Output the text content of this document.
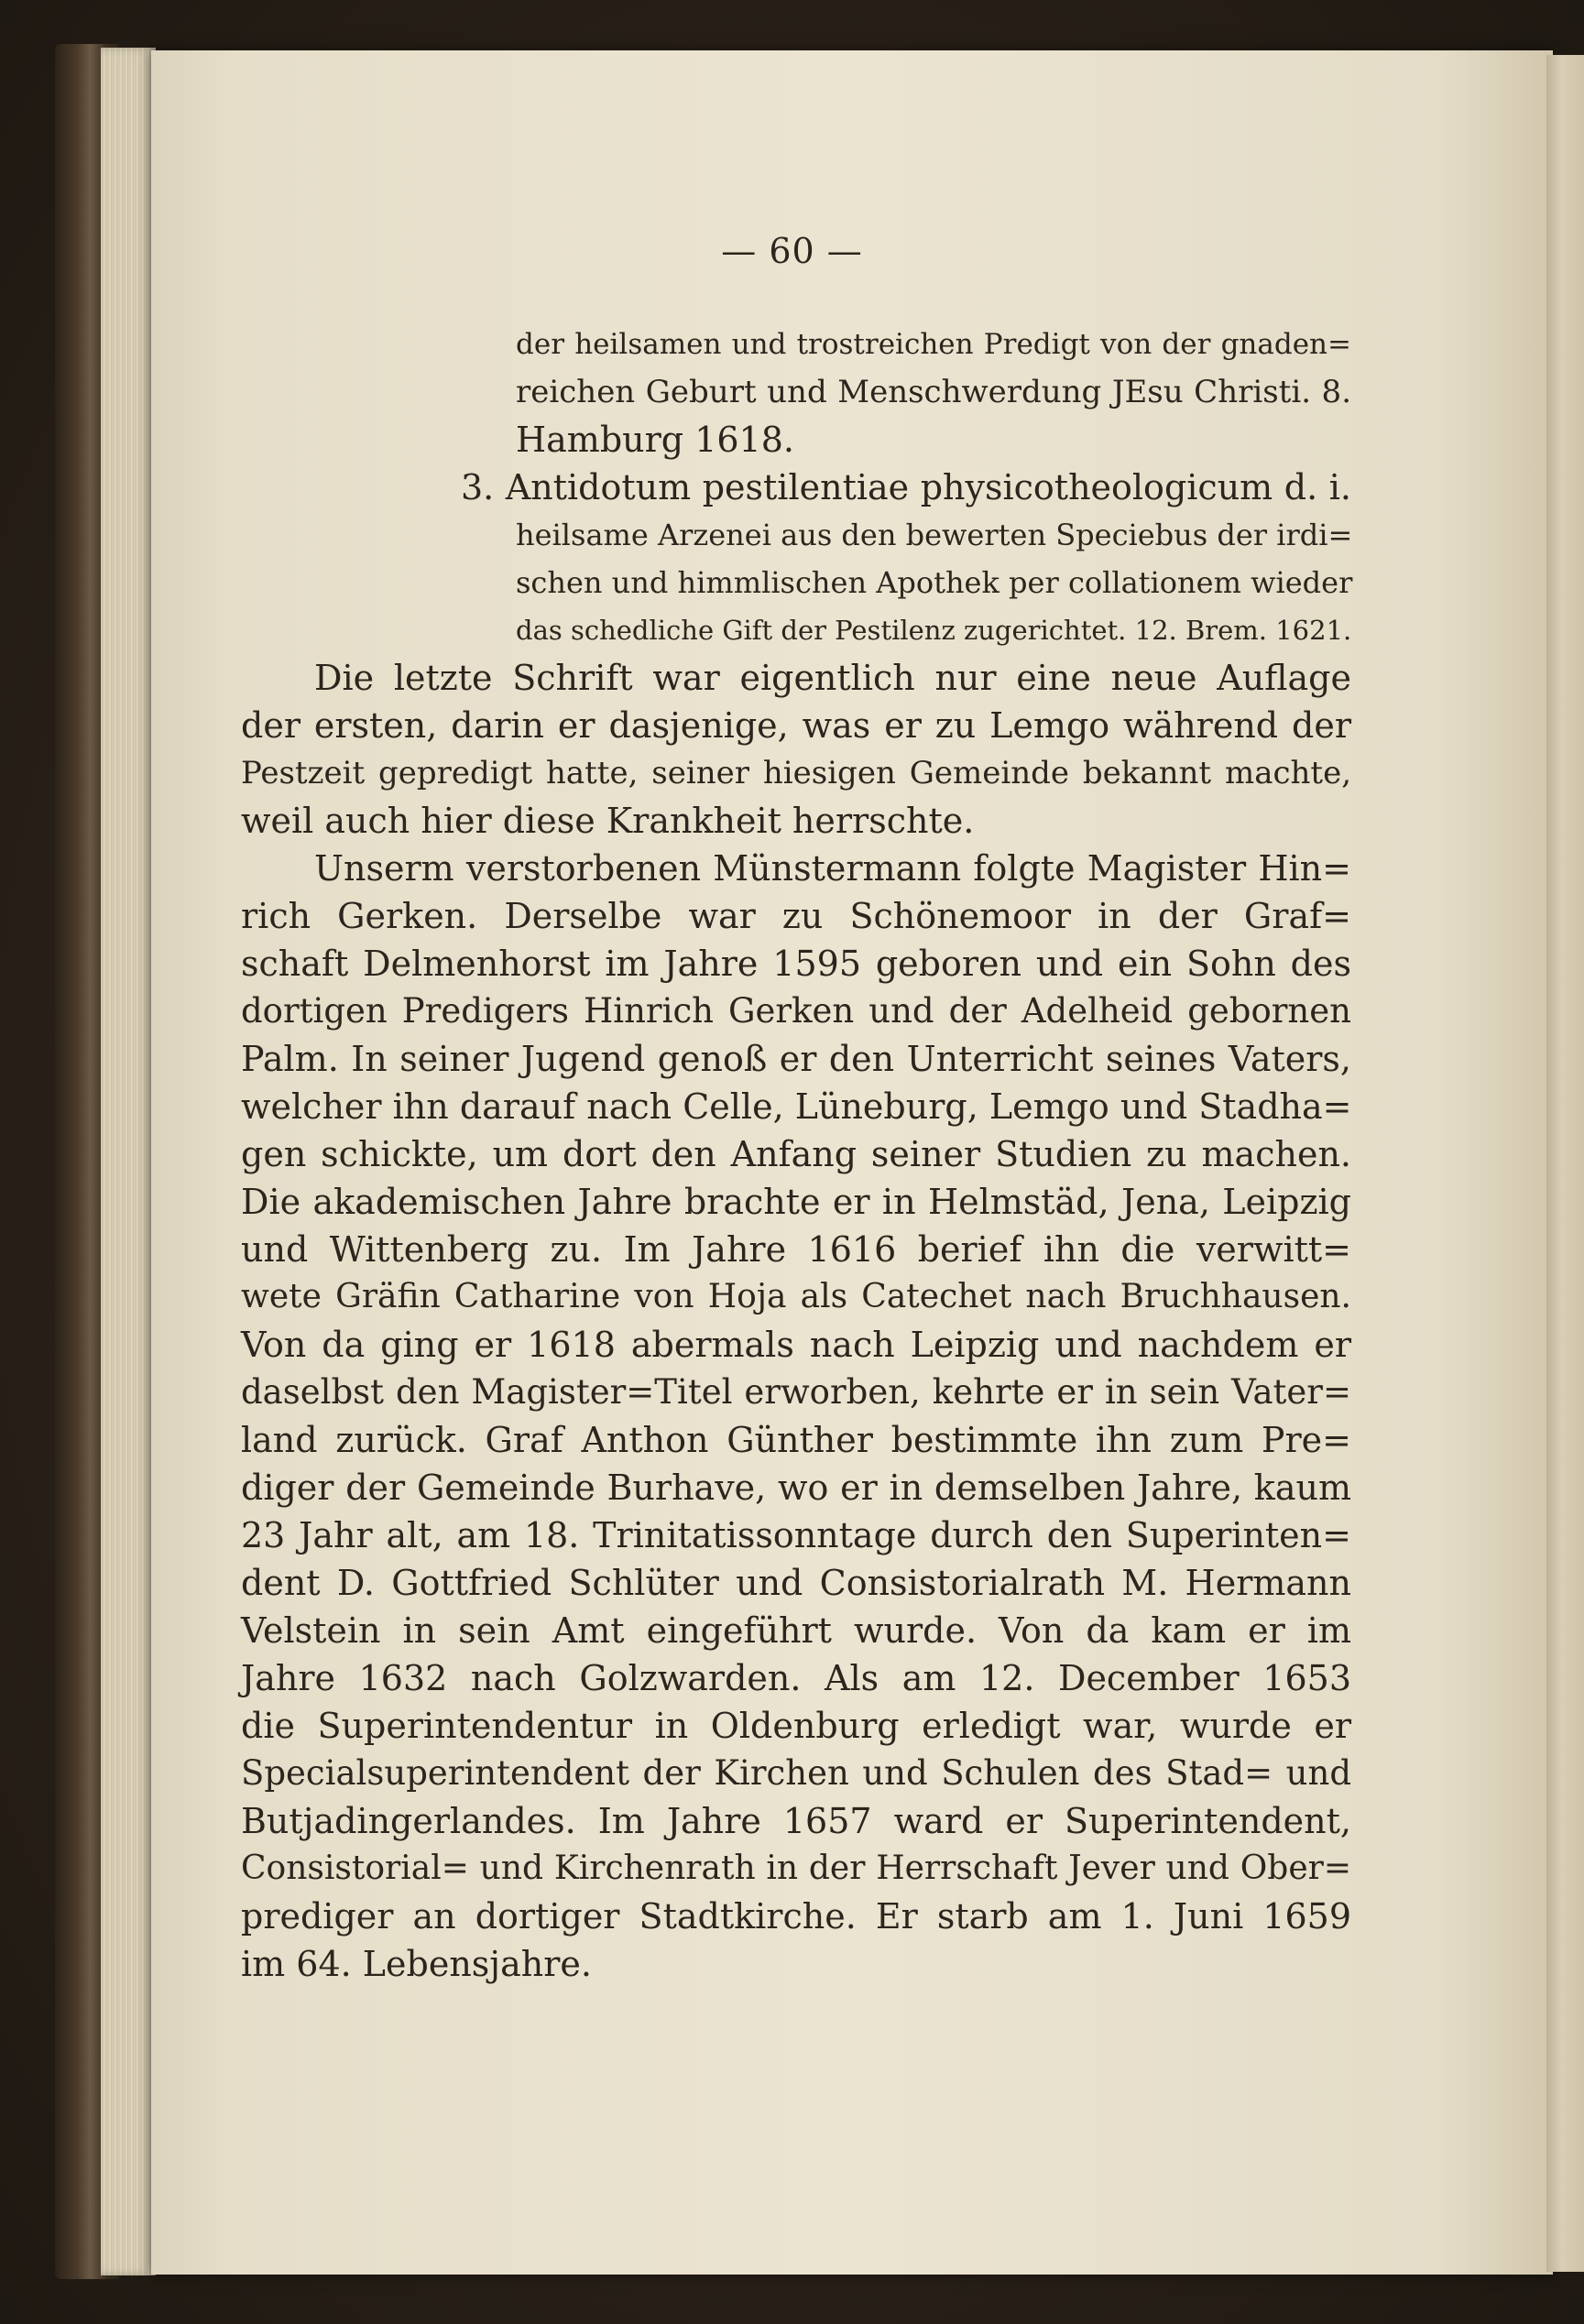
— 60 —
der heilsamen und trostreichen Predigt von der gnaden=
reichen Geburt und Menschwerdung JEsu Christi. 8.
Hamburg 1618.
3. Antidotum pestilentiae physicotheologicum d. i.
heilsame Arzenei aus den bewerten Speciebus der irdi=
schen und himmlischen Apothek per collationem wieder
das schedliche Gift der Pestilenz zugerichtet. 12. Brem. 1621.
Die letzte Schrift war eigentlich nur eine neue Auflage
der ersten, darin er dasjenige, was er zu Lemgo während der
Pestzeit gepredigt hatte, seiner hiesigen Gemeinde bekannt machte,
weil auch hier diese Krankheit herrschte.
Unserm verstorbenen Münstermann folgte Magister Hin=
rich Gerken. Derselbe war zu Schönemoor in der Graf=
schaft Delmenhorst im Jahre 1595 geboren und ein Sohn des
dortigen Predigers Hinrich Gerken und der Adelheid gebornen
Palm. In seiner Jugend genoß er den Unterricht seines Vaters,
welcher ihn darauf nach Celle, Lüneburg, Lemgo und Stadha=
gen schickte, um dort den Anfang seiner Studien zu machen.
Die akademischen Jahre brachte er in Helmstäd, Jena, Leipzig
und Wittenberg zu. Im Jahre 1616 berief ihn die verwitt=
wete Gräfin Catharine von Hoja als Catechet nach Bruchhausen.
Von da ging er 1618 abermals nach Leipzig und nachdem er
daselbst den Magister=Titel erworben, kehrte er in sein Vater=
land zurück. Graf Anthon Günther bestimmte ihn zum Pre=
diger der Gemeinde Burhave, wo er in demselben Jahre, kaum
23 Jahr alt, am 18. Trinitatissonntage durch den Superinten=
dent D. Gottfried Schlüter und Consistorialrath M. Hermann
Velstein in sein Amt eingeführt wurde. Von da kam er im
Jahre 1632 nach Golzwarden. Als am 12. December 1653
die Superintendentur in Oldenburg erledigt war, wurde er
Specialsuperintendent der Kirchen und Schulen des Stad= und
Butjadingerlandes. Im Jahre 1657 ward er Superintendent,
Consistorial= und Kirchenrath in der Herrschaft Jever und Ober=
prediger an dortiger Stadtkirche. Er starb am 1. Juni 1659
im 64. Lebensjahre.
